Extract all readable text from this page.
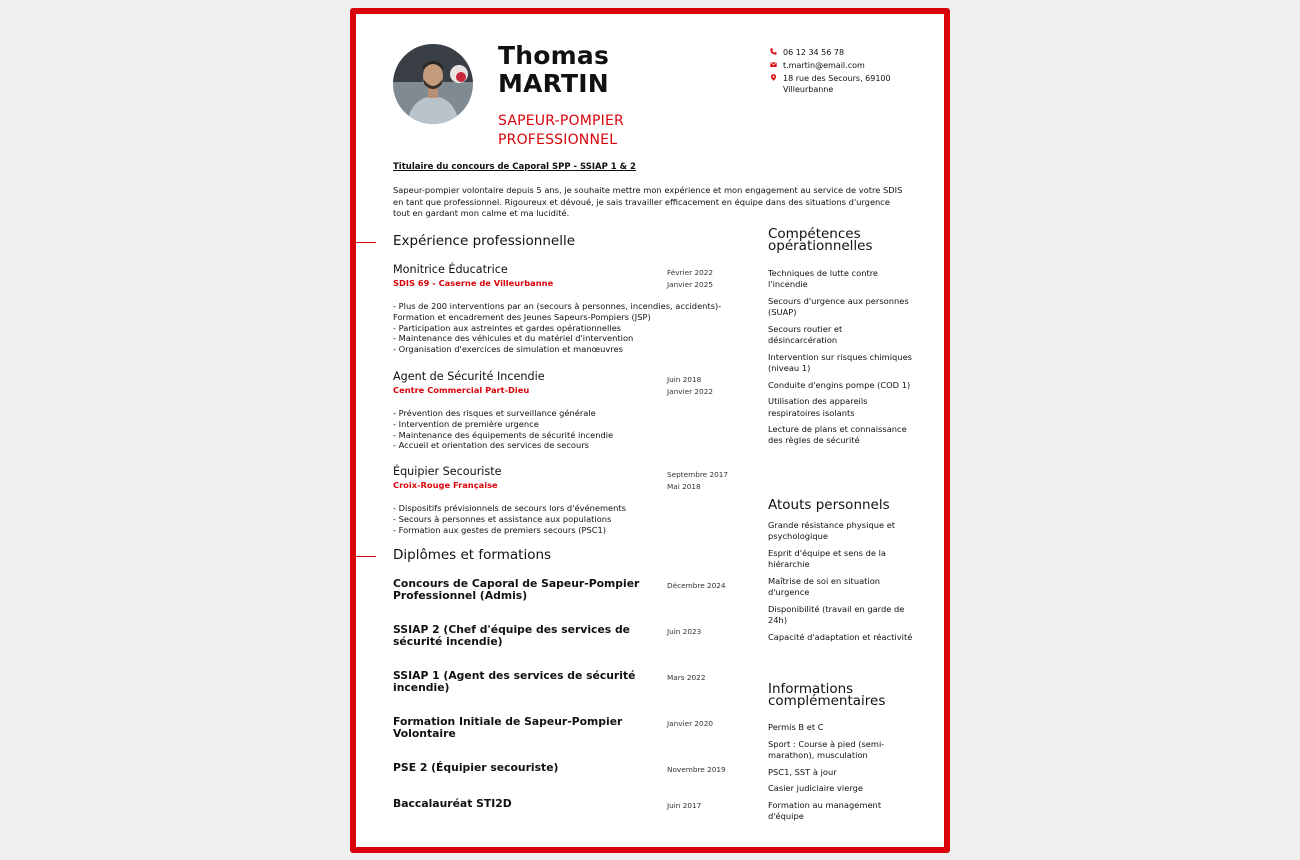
Thomas
MARTIN
SAPEUR-POMPIER
PROFESSIONNEL
06 12 34 56 78
t.martin@email.com
18 rue des Secours, 69100 Villeurbanne
Titulaire du concours de Caporal SPP - SSIAP 1 & 2
Sapeur-pompier volontaire depuis 5 ans, je souhaite mettre mon expérience et mon engagement au service de votre SDIS en tant que professionnel. Rigoureux et dévoué, je sais travailler efficacement en équipe dans des situations d'urgence tout en gardant mon calme et ma lucidité.
Expérience professionnelle
Monitrice Éducatrice
SDIS 69 - Caserne de Villeurbanne
Février 2022
Janvier 2025
- Plus de 200 interventions par an (secours à personnes, incendies, accidents)- Formation et encadrement des Jeunes Sapeurs-Pompiers (JSP)
- Participation aux astreintes et gardes opérationnelles
- Maintenance des véhicules et du matériel d'intervention
- Organisation d'exercices de simulation et manœuvres
Agent de Sécurité Incendie
Centre Commercial Part-Dieu
Juin 2018
Janvier 2022
- Prévention des risques et surveillance générale
- Intervention de première urgence
- Maintenance des équipements de sécurité incendie
- Accueil et orientation des services de secours
Équipier Secouriste
Croix-Rouge Française
Septembre 2017
Mai 2018
- Dispositifs prévisionnels de secours lors d'événements
- Secours à personnes et assistance aux populations
- Formation aux gestes de premiers secours (PSC1)
Diplômes et formations
Concours de Caporal de Sapeur-Pompier Professionnel (Admis)
Décembre 2024
SSIAP 2 (Chef d'équipe des services de sécurité incendie)
Juin 2023
SSIAP 1 (Agent des services de sécurité incendie)
Mars 2022
Formation Initiale de Sapeur-Pompier Volontaire
Janvier 2020
PSE 2 (Équipier secouriste)	Novembre 2019
Baccalauréat STI2D	Juin 2017
Compétences
opérationnelles
Techniques de lutte contre l'incendie
Secours d'urgence aux personnes (SUAP)
Secours routier et désincarcération
Intervention sur risques chimiques (niveau 1)
Conduite d'engins pompe (COD 1)
Utilisation des appareils respiratoires isolants
Lecture de plans et connaissance des règles de sécurité
Atouts personnels
Grande résistance physique et psychologique
Esprit d'équipe et sens de la hiérarchie
Maîtrise de soi en situation d'urgence
Disponibilité (travail en garde de 24h)
Capacité d'adaptation et réactivité
Informations
complémentaires
Permis B et C
Sport : Course à pied (semi-marathon), musculation
PSC1, SST à jour
Casier judiciaire vierge
Formation au management d'équipe
